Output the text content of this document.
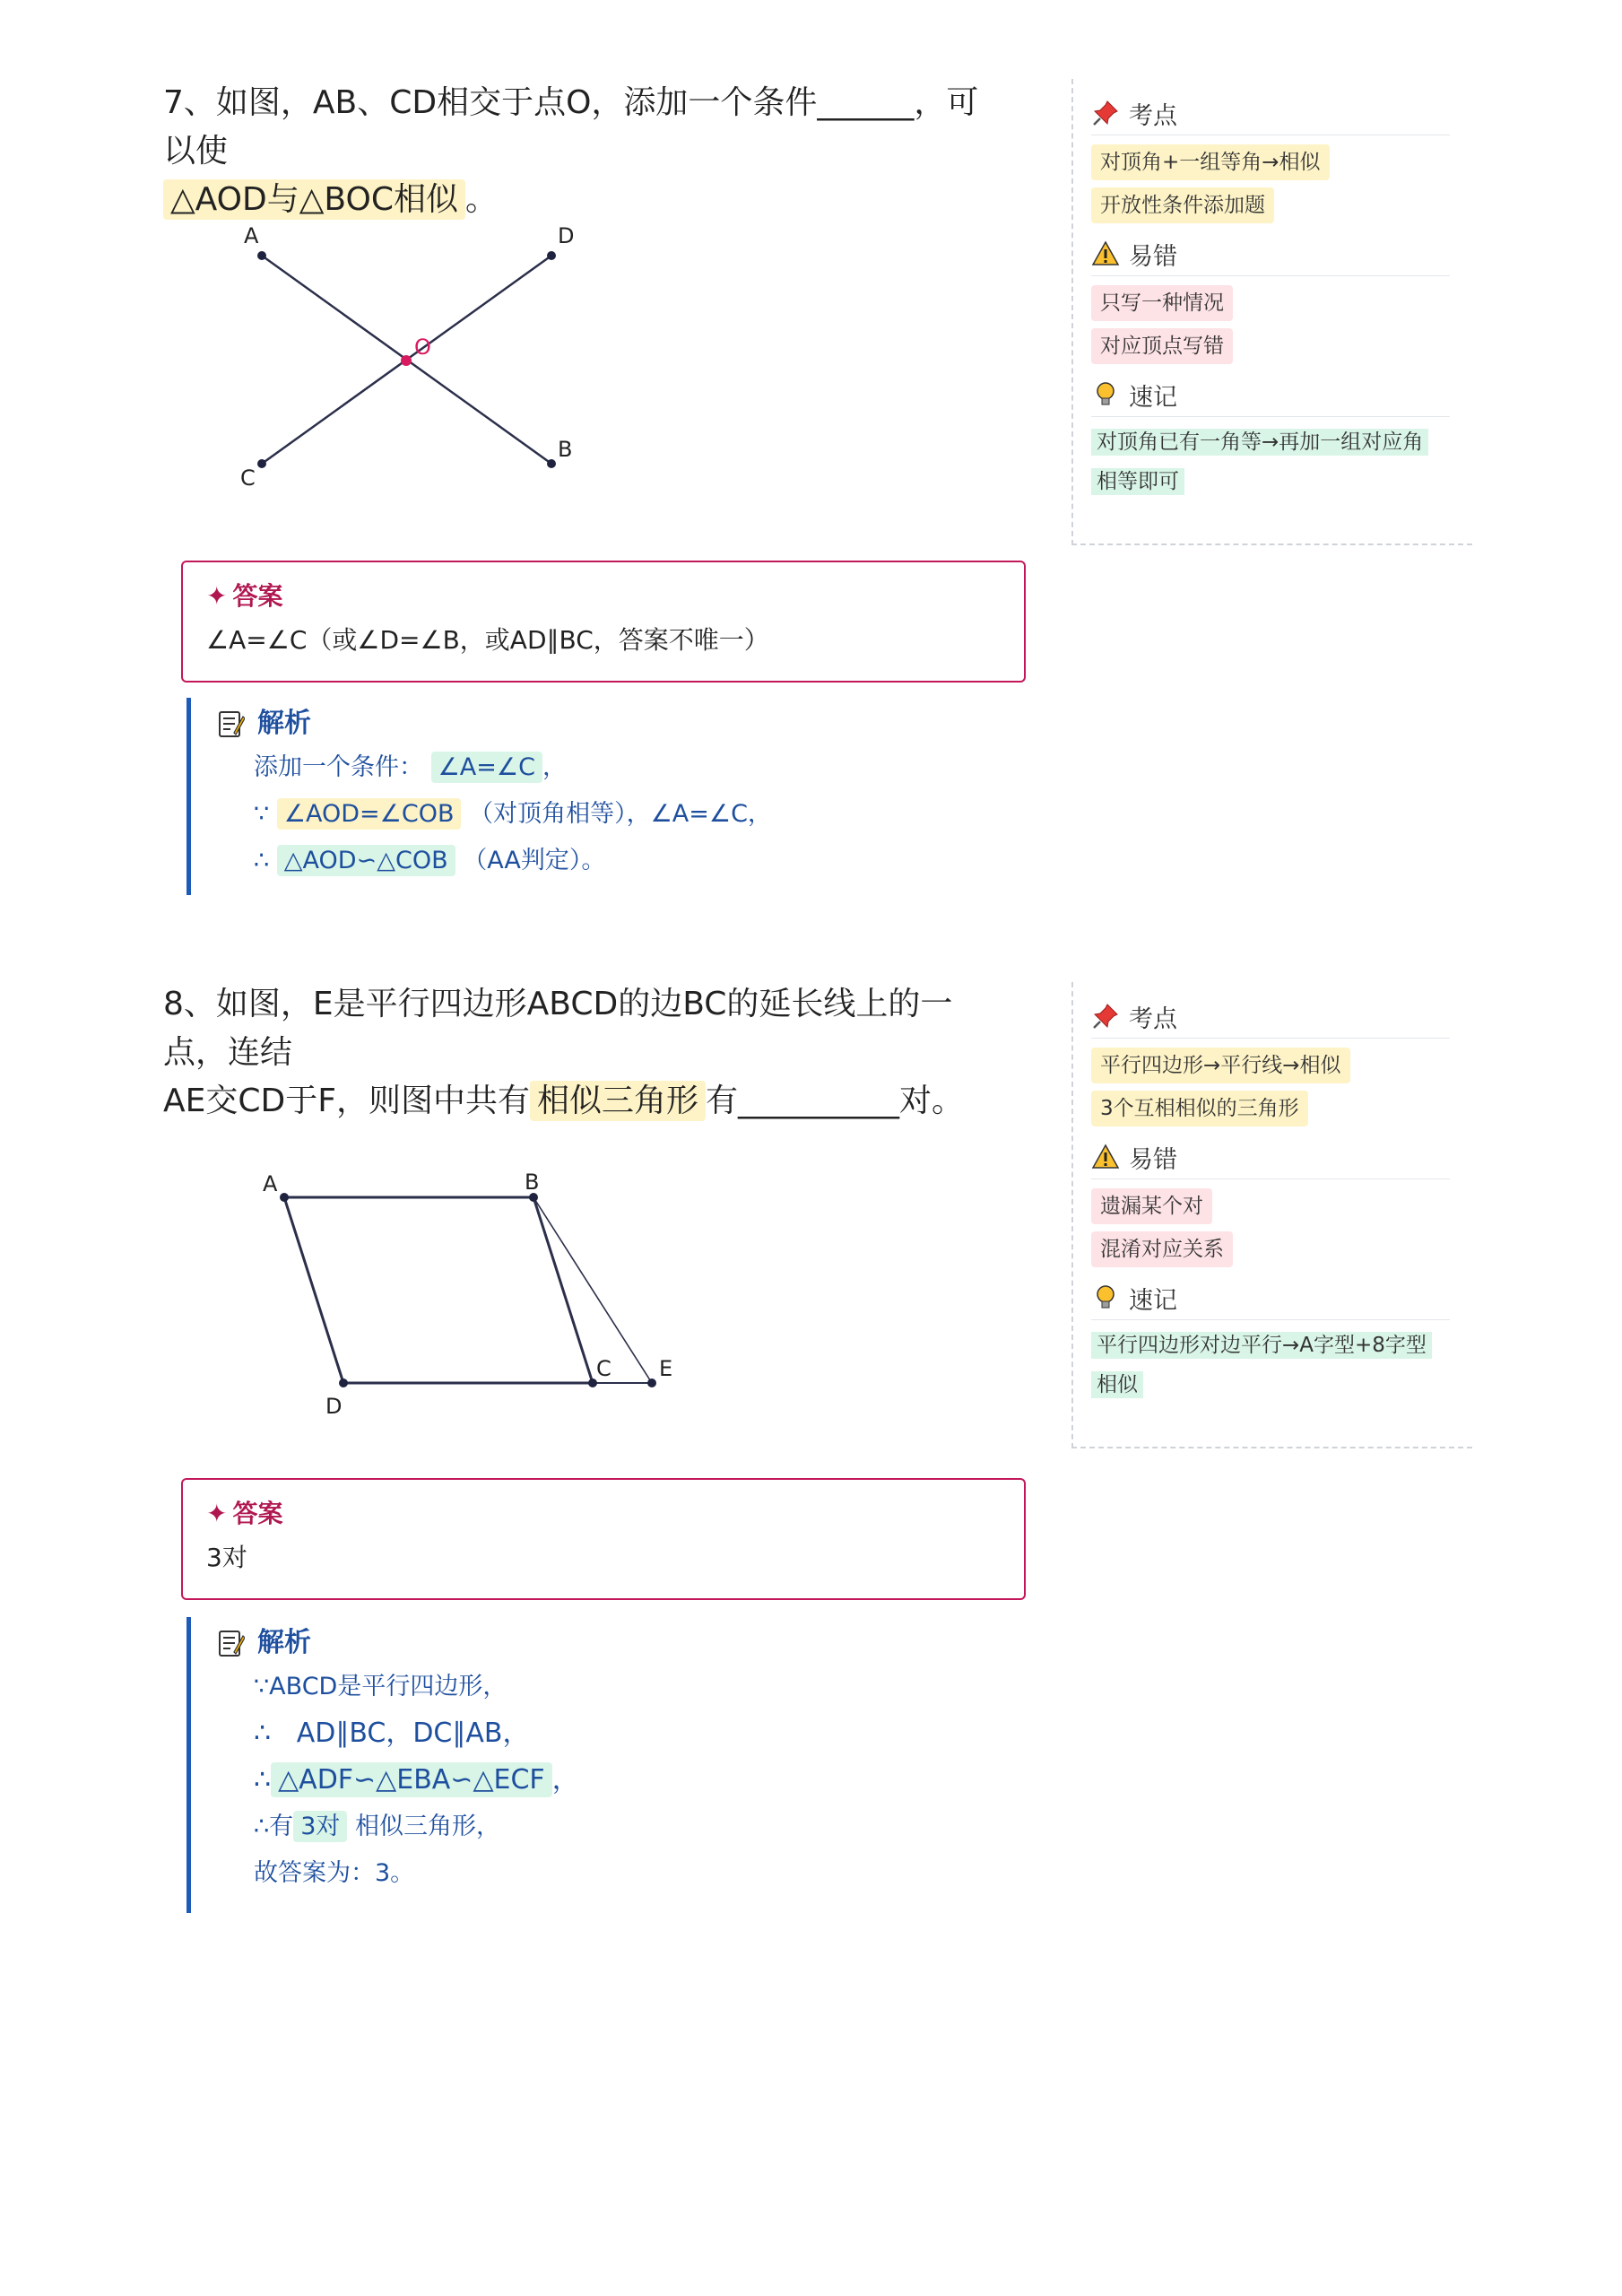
7、如图，AB、CD相交于点O，添加一个条件______，可以使
△AOD与△BOC相似 。
A	D
O
C
B
✦ 答案
∠A=∠C（或∠D=∠B，或AD∥BC，答案不唯一）
解析
添加一个条件： ∠A=∠C ，
∵ ∠AOD=∠COB （对顶角相等），∠A=∠C，
∴ △AOD∽△COB （AA判定）。
考点
对顶角+一组等角→相似
开放性条件添加题
易错
只写一种情况
对应顶点写错
速记
对顶角已有一角等→再加一组对应角
相等即可
8、如图，E是平行四边形ABCD的边BC的延长线上的一点，连结
AE交CD于F，则图中共有 相似三角形 有__________对。
A	B
C
D
E
✦ 答案
3对
解析
∵ABCD是平行四边形，
∴ AD∥BC，DC∥AB，
∴ △ADF∽△EBA∽△ECF ，
∴有 3对 相似三角形，
故答案为：3。
考点
平行四边形→平行线→相似
3个互相相似的三角形
易错
遗漏某个对
混淆对应关系
速记
平行四边形对边平行→A字型+8字型
相似
